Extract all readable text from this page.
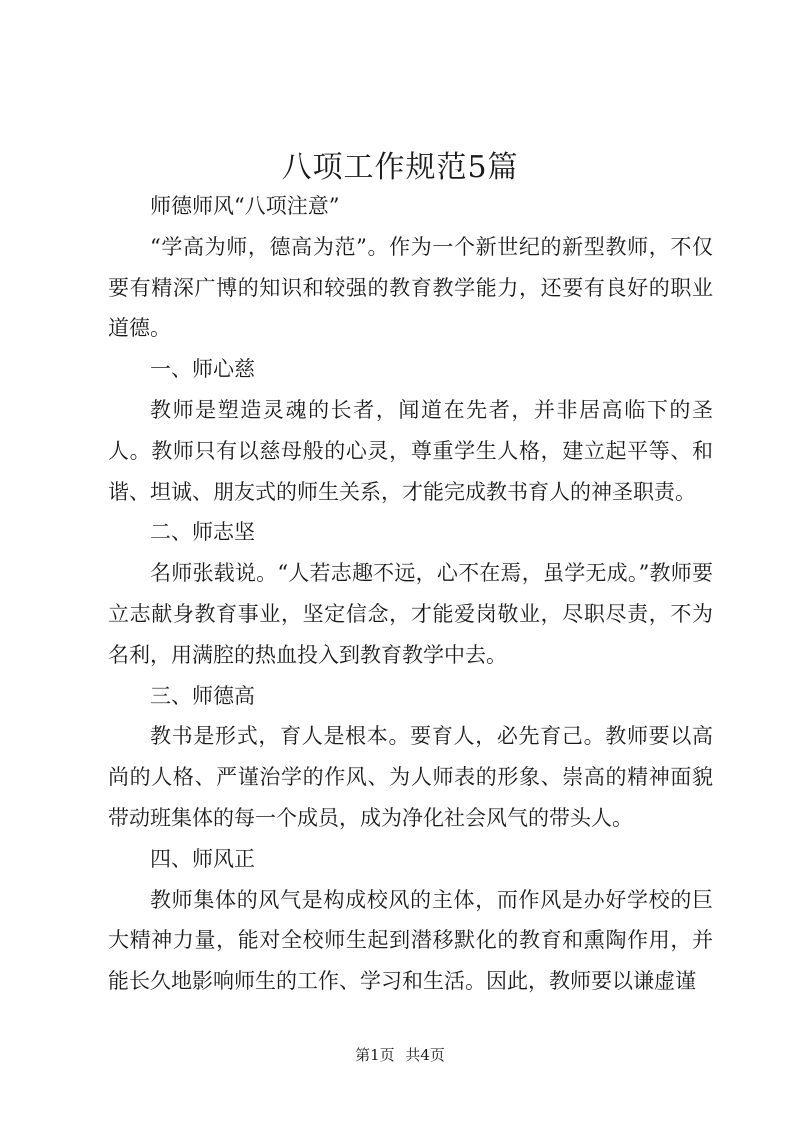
八项工作规范5篇

师德师风“八项注意”

“学高为师，德高为范”。作为一个新世纪的新型教师，不仅要有精深广博的知识和较强的教育教学能力，还要有良好的职业道德。

一、师心慈

教师是塑造灵魂的长者，闻道在先者，并非居高临下的圣人。教师只有以慈母般的心灵，尊重学生人格，建立起平等、和谐、坦诚、朋友式的师生关系，才能完成教书育人的神圣职责。

二、师志坚

名师张载说。“人若志趣不远，心不在焉，虽学无成。”教师要立志献身教育事业，坚定信念，才能爱岗敬业，尽职尽责，不为名利，用满腔的热血投入到教育教学中去。

三、师德高

教书是形式，育人是根本。要育人，必先育己。教师要以高尚的人格、严谨治学的作风、为人师表的形象、崇高的精神面貌带动班集体的每一个成员，成为净化社会风气的带头人。

四、师风正

教师集体的风气是构成校风的主体，而作风是办好学校的巨大精神力量，能对全校师生起到潜移默化的教育和熏陶作用，并能长久地影响师生的工作、学习和生活。因此，教师要以谦虚谨

第1页 共4页
